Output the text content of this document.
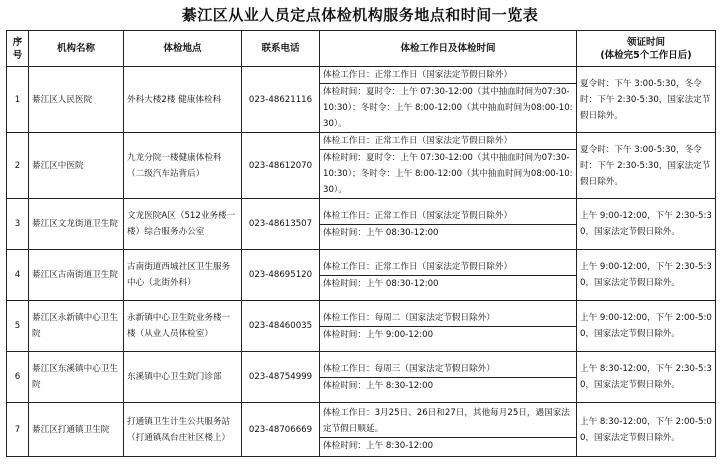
綦江区从业人员定点体检机构服务地点和时间一览表
序号	机构名称	体检地点	联系电话	体检工作日及体检时间	领证时间
(体检完5个工作日后)

1	綦江区人民医院	外科大楼2楼 健康体检科	023-48621116	体检工作日：正常工作日（国家法定节假日除外）
体检时间：夏时令：上午 07:30-12:00（其中抽血时间为07:30-10:30）；冬时令：上午 8:00-12:00（其中抽血时间为08:00-10:30）。	夏令时：下午 3:00-5:30，冬令时：下午 2:30-5:30，国家法定节假日除外。
2	綦江区中医院	九龙分院一楼健康体检科（二级汽车站背后）	023-48612070	体检工作日：正常工作日（国家法定节假日除外）
体检时间：夏时令：上午 07:30-12:00（其中抽血时间为07:30-10:30）；冬时令：上午 8:00-12:00（其中抽血时间为08:00-10:30）。	夏令时：下午 3:00-5:30，冬令时：下午 2:30-5:30，国家法定节假日除外。
3	綦江区文龙街道卫生院	文龙医院A区（512业务楼一楼）综合服务办公室	023-48613507	体检工作日：正常工作日（国家法定节假日除外）
体检时间：上午 08:30-12:00	上午 9:00-12:00，下午 2:30-5:30，国家法定节假日除外。
4	綦江区古南街道卫生院	古南街道西城社区卫生服务中心（北街外科）	023-48695120	体检工作日：正常工作日（国家法定节假日除外）
体检时间：上午 08:30-12:00	上午 9:00-12:00，下午 2:30-5:30，国家法定节假日除外。
5	綦江区永新镇中心卫生院	永新镇中心卫生院业务楼一楼（从业人员体检室）	023-48460035	体检工作日：每周二（国家法定节假日除外）
体检时间：上午 9:00-12:00	上午 9:00-12:00，下午 2:00-5:00，国家法定节假日除外。
6	綦江区东溪镇中心卫生院	东溪镇中心卫生院门诊部	023-48754999	体检工作日：每周三（国家法定节假日除外）
体检时间：上午 8:30-12:00	上午 8:30-12:00，下午 2:30-5:30，国家法定节假日除外。
7	綦江区打通镇卫生院	打通镇卫生计生公共服务站（打通镇凤台庄社区楼上）	023-48706669	体检工作日：3月25日、26日和27日，其他每月25日，遇国家法定节假日顺延。
体检时间：上午 8:30-12:00	上午 8:30-12:00，下午 2:00-5:00，国家法定节假日除外。
